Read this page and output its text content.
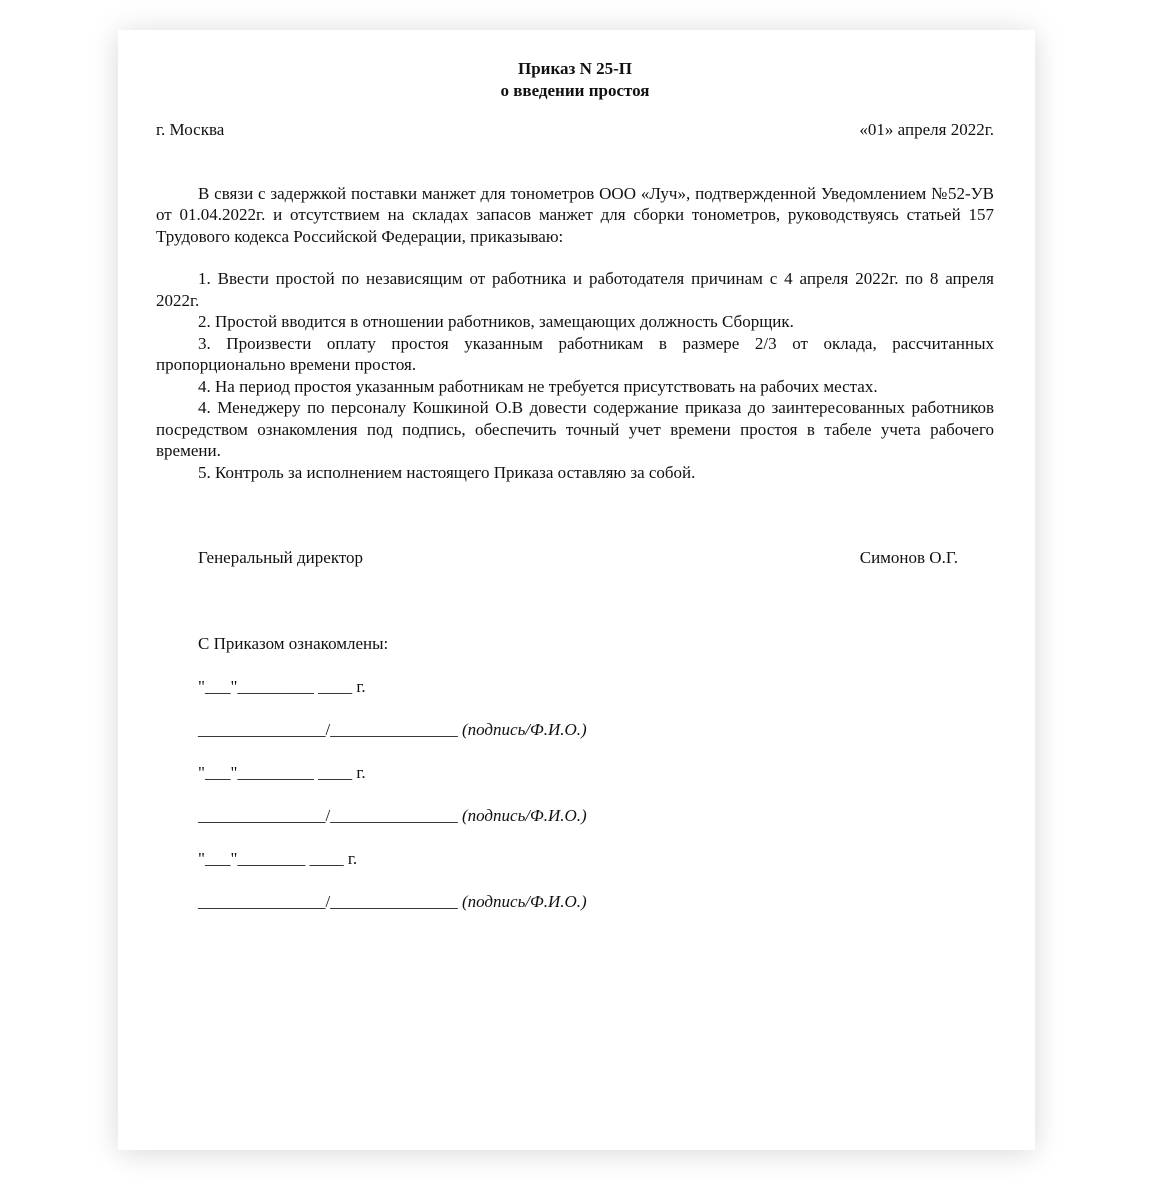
Приказ N 25-П
о введении простоя
г. Москва	«01» апреля 2022г.
В связи с задержкой поставки манжет для тонометров ООО «Луч», подтвержденной Уведомлением №52-УВ от 01.04.2022г. и отсутствием на складах запасов манжет для сборки тонометров, руководствуясь статьей 157 Трудового кодекса Российской Федерации, приказываю:
1. Ввести простой по независящим от работника и работодателя причинам с 4 апреля 2022г. по 8 апреля 2022г.
2. Простой вводится в отношении работников, замещающих должность Сборщик.
3. Произвести оплату простоя указанным работникам в размере 2/3 от оклада, рассчитанных пропорционально времени простоя.
4. На период простоя указанным работникам не требуется присутствовать на рабочих местах.
4. Менеджеру по персоналу Кошкиной О.В довести содержание приказа до заинтересованных работников посредством ознакомления под подпись, обеспечить точный учет времени простоя в табеле учета рабочего времени.
5. Контроль за исполнением настоящего Приказа оставляю за собой.
Генеральный директор	Симонов О.Г.
С Приказом ознакомлены:
"___"_________ ____ г.
_______________/_______________ (подпись/Ф.И.О.)
"___"_________ ____ г.
_______________/_______________ (подпись/Ф.И.О.)
"___"________ ____ г.
_______________/_______________ (подпись/Ф.И.О.)
